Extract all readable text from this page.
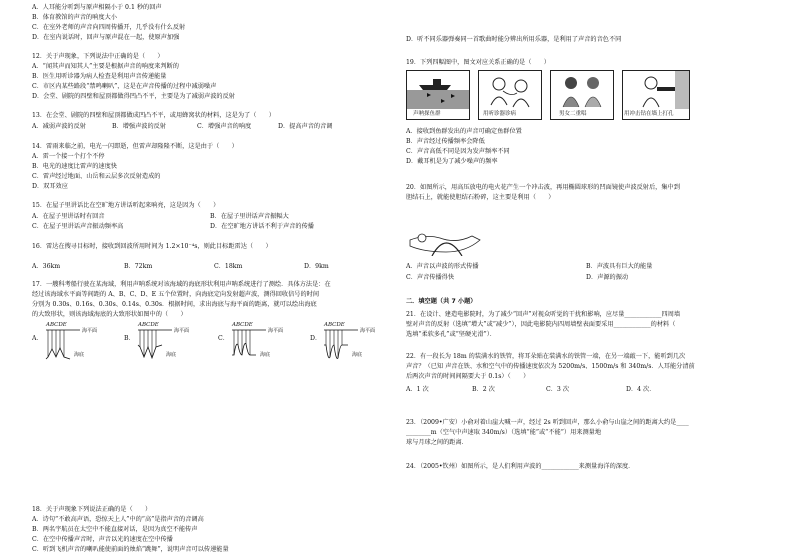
A．人耳能分听到与原声相隔小于 0.1 秒的回声
B．体育教馆的声音的响度大小
C．在室外老师的声音向四周传播开，几乎没有什么反射
D．在室内说话时，回声与原声混在一起，使原声加强
12．关于声现象，下列说法中正确的是（　　）
A．“闻其声而知其人”主要是根据声音的响度来判断的
B．医生用听诊器为病人检查是利用声音传递能量
C．市区内某些路段“禁鸣喇叭”，这是在声音传播的过程中减弱噪声
D．会堂、剧院的四壁和屋顶都做得凹凸不平，主要是为了减弱声波的反射
13．在会堂、剧院的四壁和屋顶都做成凹凸不平，或用蜂窝状的材料，这是为了（　　）
A．减弱声波的反射	B．增强声波的反射	C．增强声音的响度	D．提高声音的音调
14．雷雨来临之前，电光一闪即逝，但雷声却隆隆不断，这是由于（　　）
A．雷一个接一个打个不停
B．电光的速度比雷声的速度快
C．雷声经过地面、山岳和云层多次反射造成的
D．双耳效应
15．在屋子里讲话比在空旷地方讲话听起来响亮，这是因为（　　）
A．在屋子里讲话时有回音	B．在屋子里讲话声音振幅大
C．在屋子里讲话声音振动频率高	D．在空旷地方讲话不利于声音的传播
16．雷达在搜寻目标时，接收到回波所用时间为 1.2×10⁻⁴s，则此目标距雷达（　　）
A．36km	B．72km	C．18km	D．9km
17．一艘科考船行驶在某海域，利用声呐系统对该海域的海底形状利用声呐系统进行了测绘．具体方法是：在
经过该海域水平面等间距的 A、B、C、D、E 五个位置时，向海底定向发射超声波，测得回收信号的时间
分别为 0.30s、0.16s、0.30s、0.14s、0.30s．根据时间，求出海底与海平面的距离，就可以绘出海底
的大致形状，则该海域海底的大致形状如图中的（　　）
A．	B．	C．	D．
ABCDE
海平面
海底
ABCDE
海平面
海底
ABCDE
海平面
海底
ABCDE
海平面
海底
18．关于声现象下列说法正确的是（　　）
A．诗句“不敢高声语，恐惊天上人”中的“高”是指声音的音调高
B．两名宇航员在太空中不能直接对话，是因为真空不能传声
C．在空中传播声音时，声音以光的速度在空中传播
C．听到飞机声音的喇叭能使前面的烛焰“跳舞”，说明声音可以传递能量
D．听不同乐器弹奏同一首歌曲时能分辨出所用乐器，是利用了声音的音色不同
19．下列四幅图中，图文对应关系正确的是（　　）
声呐探鱼群	用听诊器诊病	男女二重唱	用冲击钻在墙上打孔
A．接收到鱼群发出的声音可确定鱼群位置
B．声音经过传播频率会降低
C．声音高低不同是因为发声频率不同
D．戴耳机是为了减少噪声的频率
20．如图所示，用高压放电的电火花产生一个冲击波，再用椭圆球形的凹面镜使声波反射后，集中到
胆结石上，就能使胆结石粉碎，这主要是利用（　　）
A．声音以声波的形式传播	B．声波具有巨大的能量
C．声音传播得快	D．声源的振动
二．填空题（共 7 小题）
21．在设计、建造电影院时，为了减少“回声”对视众听觉的干扰和影响，应尽量____________四周墙
壁对声音的反射（选填“增大”或“减少”），因此电影院内四周墙壁表面要采用____________的材料（
选填“柔软多孔”或“坚硬光滑”）．
22．有一段长为 18m 的装满水的铁管，将耳朵贴在装满水的铁管一端，在另一端敲一下，能听到几次
声音？（已知 声音在铁、水和空气中的传播速度依次为 5200m/s、1500m/s 和 340m/s．人耳能分清前
后两次声音的时间间隔要大于 0.1s）（　　）
A．1 次	B．2 次	C．3 次	D．4 次．
23．（2009•广安）小俞对着山崖大喊一声，经过 2s 听到回声，那么小俞与山崖之间的距离大约是____
________m（空气中声速取 340m/s）（选填“能”或“不能”）用来测量地
球与月球之间的距离．
24．（2005•钦州）如图所示，是人们利用声波的____________来测量海洋的深度．
